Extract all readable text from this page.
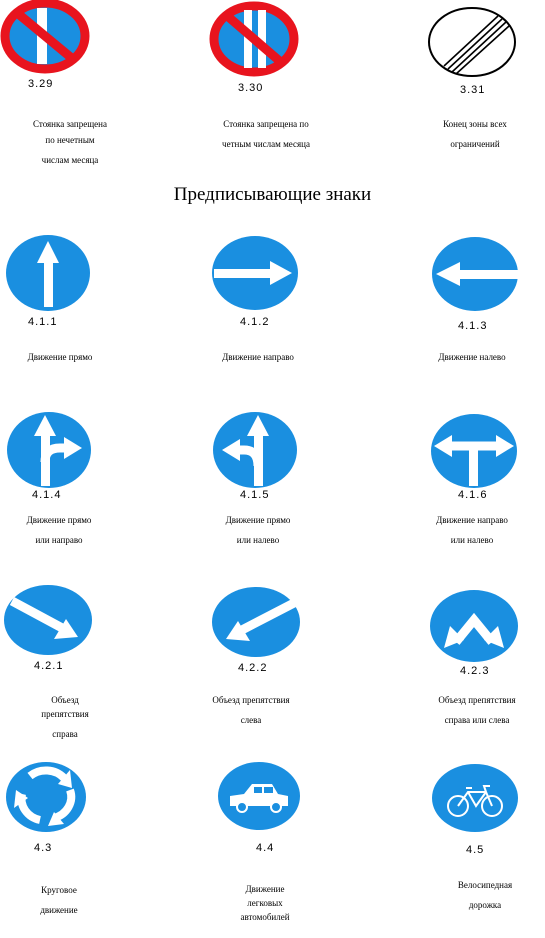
3.29	3.30	3.31
Стоянка запрещена
по нечетным
числам месяца
Стоянка запрещена по
четным числам месяца
Конец зоны всех
ограничений
Предписывающие знаки
4.1.1	4.1.2	4.1.3
Движение прямо	Движение направо	Движение налево
4.1.4	4.1.5	4.1.6
Движение прямо
или направо
Движение прямо
или налево
Движение направо
или налево
4.2.1	4.2.2	4.2.3
Объезд
препятствия
справа
Объезд препятствия
слева
Объезд препятствия
справа или слева
4.3	4.4	4.5
Круговое
движение
Движение
легковых
автомобилей
Велосипедная
дорожка
